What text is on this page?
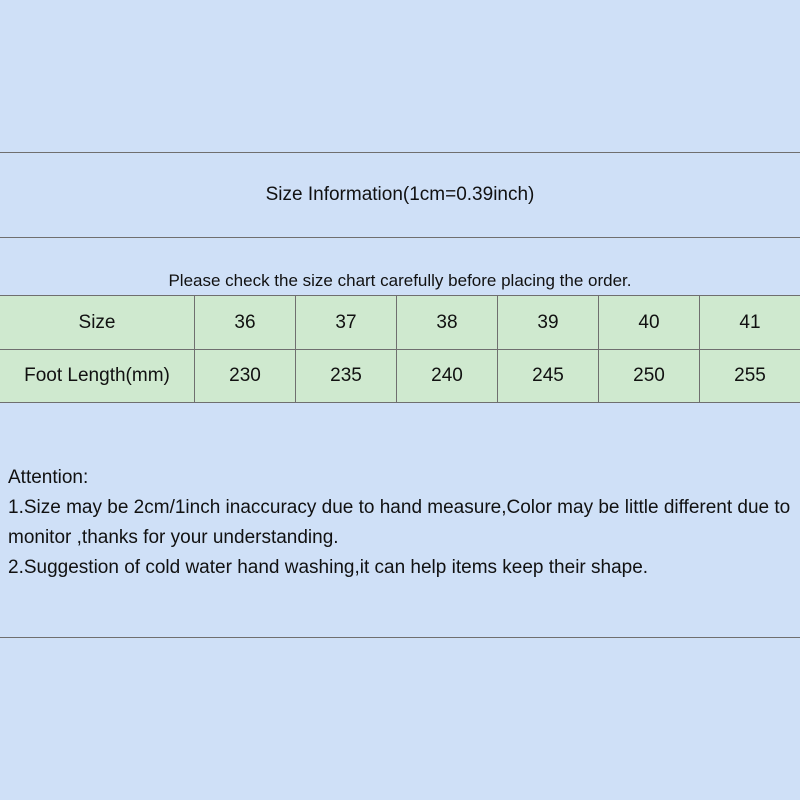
Size Information(1cm=0.39inch)
Please check the size chart carefully before placing the order.
Size	36	37	38	39	40	41
Foot Length(mm)	230	235	240	245	250	255
Attention:
1.Size may be 2cm/1inch inaccuracy due to hand measure,Color may be little different due to monitor ,thanks for your understanding.
2.Suggestion of cold water hand washing,it can help items keep their shape.
